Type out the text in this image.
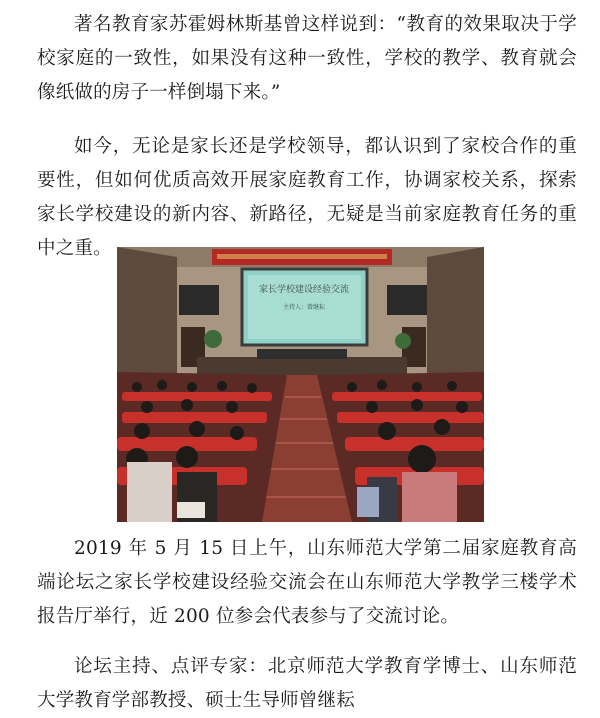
著名教育家苏霍姆林斯基曾这样说到：“教育的效果取决于学校家庭的一致性，如果没有这种一致性，学校的教学、教育就会像纸做的房子一样倒塌下来。”

如今，无论是家长还是学校领导，都认识到了家校合作的重要性，但如何优质高效开展家庭教育工作，协调家校关系，探索家长学校建设的新内容、新路径，无疑是当前家庭教育任务的重中之重。

家长学校建设经验交流
主持人：曾继耘

2019 年 5 月 15 日上午，山东师范大学第二届家庭教育高端论坛之家长学校建设经验交流会在山东师范大学教学三楼学术报告厅举行，近 200 位参会代表参与了交流讨论。

论坛主持、点评专家：北京师范大学教育学博士、山东师范大学教育学部教授、硕士生导师曾继耘
